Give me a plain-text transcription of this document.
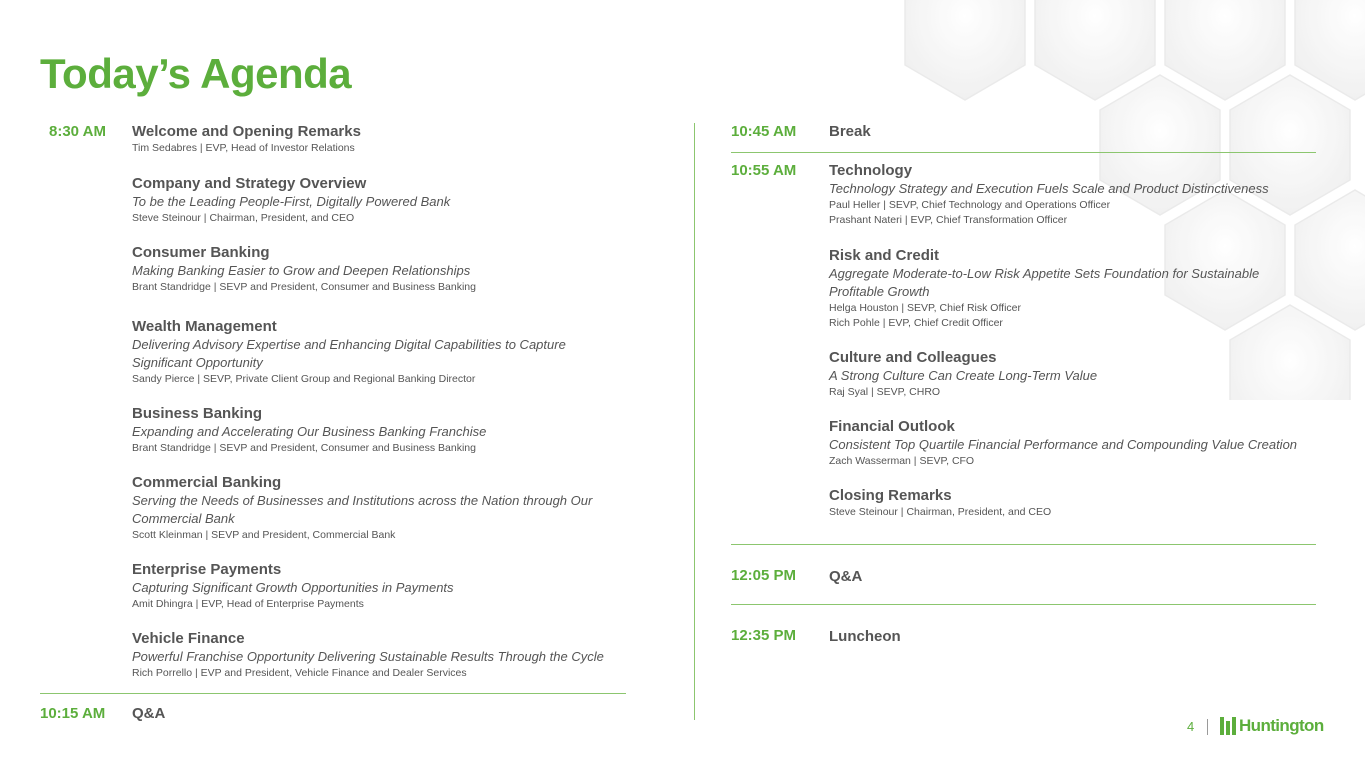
Today’s Agenda
8:30 AM Welcome and Opening Remarks
Tim Sedabres | EVP, Head of Investor Relations
Company and Strategy Overview
To be the Leading People-First, Digitally Powered Bank
Steve Steinour | Chairman, President, and CEO
Consumer Banking
Making Banking Easier to Grow and Deepen Relationships
Brant Standridge | SEVP and President, Consumer and Business Banking
Wealth Management
Delivering Advisory Expertise and Enhancing Digital Capabilities to Capture Significant Opportunity
Sandy Pierce | SEVP, Private Client Group and Regional Banking Director
Business Banking
Expanding and Accelerating Our Business Banking Franchise
Brant Standridge | SEVP and President, Consumer and Business Banking
Commercial Banking
Serving the Needs of Businesses and Institutions across the Nation through Our Commercial Bank
Scott Kleinman | SEVP and President, Commercial Bank
Enterprise Payments
Capturing Significant Growth Opportunities in Payments
Amit Dhingra | EVP, Head of Enterprise Payments
Vehicle Finance
Powerful Franchise Opportunity Delivering Sustainable Results Through the Cycle
Rich Porrello | EVP and President, Vehicle Finance and Dealer Services
10:15 AM Q&A
10:45 AM Break
10:55 AM Technology
Technology Strategy and Execution Fuels Scale and Product Distinctiveness
Paul Heller | SEVP, Chief Technology and Operations Officer
Prashant Nateri | EVP, Chief Transformation Officer
Risk and Credit
Aggregate Moderate-to-Low Risk Appetite Sets Foundation for Sustainable Profitable Growth
Helga Houston | SEVP, Chief Risk Officer
Rich Pohle | EVP, Chief Credit Officer
Culture and Colleagues
A Strong Culture Can Create Long-Term Value
Raj Syal | SEVP, CHRO
Financial Outlook
Consistent Top Quartile Financial Performance and Compounding Value Creation
Zach Wasserman | SEVP, CFO
Closing Remarks
Steve Steinour | Chairman, President, and CEO
12:05 PM Q&A
12:35 PM Luncheon
4	Huntington
